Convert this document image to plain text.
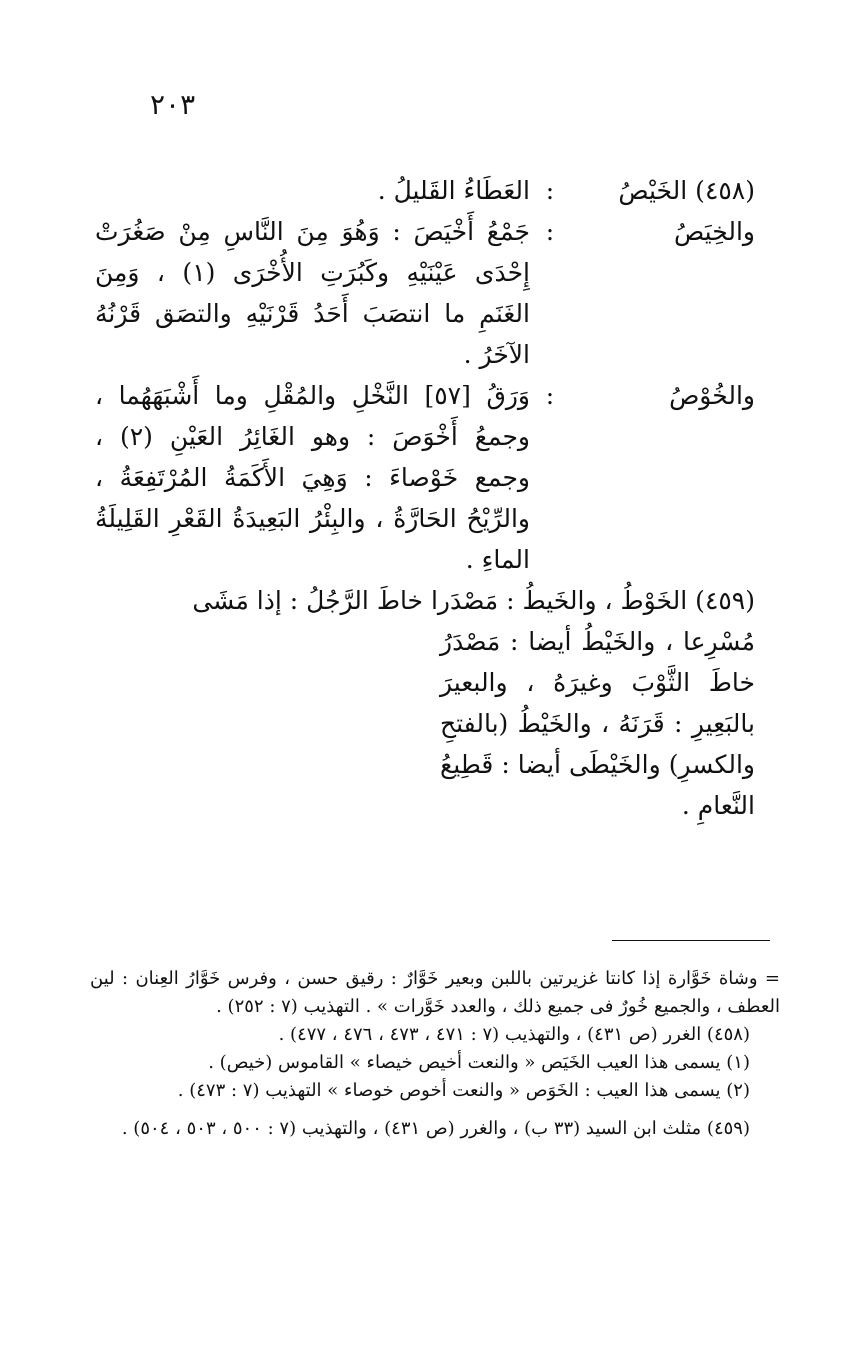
٢٠٣
(٤٥٨) الخَيْصُ
:
العَطَاءُ القَليلُ .
والخِيَصُ
:
جَمْعُ أَخْيَصَ : وَهُوَ مِنَ النَّاسِ مِنْ صَغُرَتْ إِحْدَى عَيْنَيْهِ وكَبُرَتِ الأُخْرَى (١) ، وَمِنَ الغَنَمِ ما انتصَبَ أَحَدُ قَرْنَيْهِ والتصَق قَرْنُهُ الآخَرُ .
والخُوْصُ
:
وَرَقُ [٥٧] النَّخْلِ والمُقْلِ وما أَشْبَهَهُما ، وجمعُ أَخْوَصَ : وهو الغَائِرُ العَيْنِ (٢) ، وجمع خَوْصاءَ : وَهِيَ الأَكَمَةُ المُرْتَفِعَةُ ، والرِّيْحُ الحَارَّةُ ، والبِئْرُ البَعِيدَةُ القَعْرِ القَلِيلَةُ الماءِ .
(٤٥٩) الخَوْطُ ، والخَيطُ : مَصْدَرا خاطَ الرَّجُلُ : إذا مَشَى
مُسْرِعا ، والخَيْطُ أيضا : مَصْدَرُ خاطَ الثَّوْبَ وغيرَهُ ، والبعيرَ بالبَعِيرِ : قَرَنَهُ ، والخَيْطُ (بالفتحِ والكسرِ) والخَيْطَى أيضا : قَطِيعُ النَّعامِ .
= وشاة خَوَّارة إذا كانتا غزيرتين باللبن وبعير خَوَّارٌ : رقيق حسن ، وفرس خَوَّارُ العِنان : لين العطف ، والجميع خُورٌ فى جميع ذلك ، والعدد خَوَّرات » . التهذيب (٧ : ٢٥٢) .
(٤٥٨) الغرر (ص ٤٣١) ، والتهذيب (٧ : ٤٧١ ، ٤٧٣ ، ٤٧٦ ، ٤٧٧) .
(١) يسمى هذا العيب الخَيَص « والنعت أخيص خيصاء » القاموس (خيص) .
(٢) يسمى هذا العيب : الخَوَص « والنعت أخوص خوصاء » التهذيب (٧ : ٤٧٣) .
(٤٥٩) مثلث ابن السيد (٣٣ ب) ، والغرر (ص ٤٣١) ، والتهذيب (٧ : ٥٠٠ ، ٥٠٣ ، ٥٠٤) .
